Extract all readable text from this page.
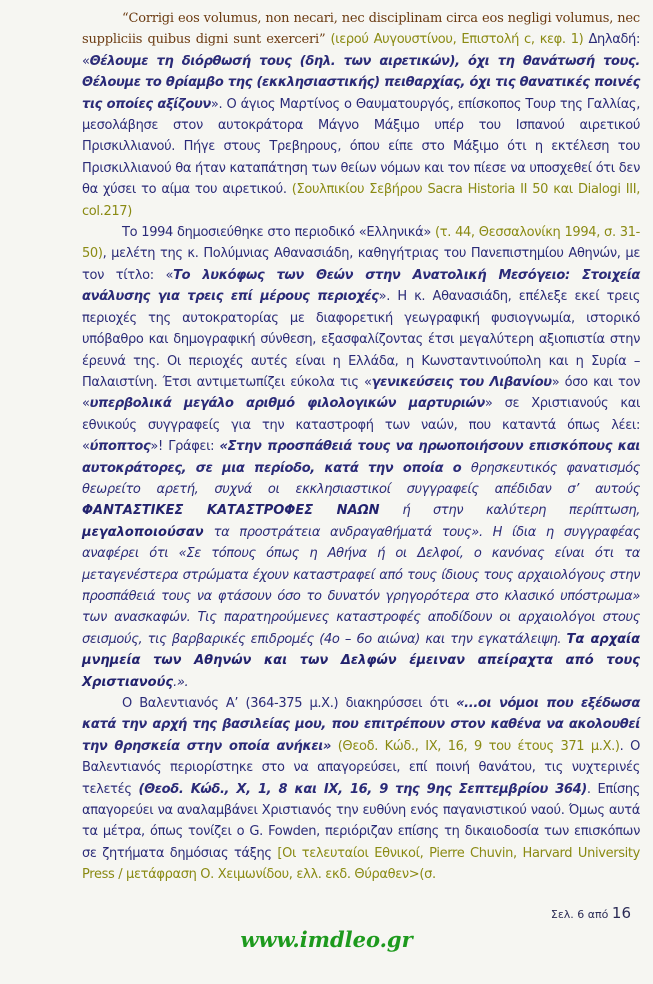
“Corrigi eos volumus, non necari, nec disciplinam circa eos negligi volumus, nec suppliciis quibus digni sunt exerceri” (ιερού Αυγουστίνου, Επιστολή c, κεφ. 1) Δηλαδή: «Θέλουμε τη διόρθωσή τους (δηλ. των αιρετικών), όχι τη θανάτωσή τους. Θέλουμε το θρίαμβο της (εκκλησιαστικής) πειθαρχίας, όχι τις θανατικές ποινές τις οποίες αξίζουν». Ο άγιος Μαρτίνος ο Θαυματουργός, επίσκοπος Τουρ της Γαλλίας, μεσολάβησε στον αυτοκράτορα Μάγνο Μάξιμο υπέρ του Ισπανού αιρετικού Πρισκιλλιανού. Πήγε στους Τρεβηρους, όπου είπε στο Μάξιμο ότι η εκτέλεση του Πρισκιλλιανού θα ήταν καταπάτηση των θείων νόμων και τον πίεσε να υποσχεθεί ότι δεν θα χύσει το αίμα του αιρετικού. (Σουλπικίου Σεβήρου Sacra Historia II 50 και Dialogi III, col.217)

Το 1994 δημοσιεύθηκε στο περιοδικό «Ελληνικά» (τ. 44, Θεσσαλονίκη 1994, σ. 31-50), μελέτη της κ. Πολύμνιας Αθανασιάδη, καθηγήτριας του Πανεπιστημίου Αθηνών, με τον τίτλο: «Το λυκόφως των Θεών στην Ανατολική Μεσόγειο: Στοιχεία ανάλυσης για τρεις επί μέρους περιοχές». Η κ. Αθανασιάδη, επέλεξε εκεί τρεις περιοχές της αυτοκρατορίας με διαφορετική γεωγραφική φυσιογνωμία, ιστορικό υπόβαθρο και δημογραφική σύνθεση, εξασφαλίζοντας έτσι μεγαλύτερη αξιοπιστία στην έρευνά της. Οι περιοχές αυτές είναι η Ελλάδα, η Κωνσταντινούπολη και η Συρία – Παλαιστίνη. Έτσι αντιμετωπίζει εύκολα τις «γενικεύσεις του Λιβανίου» όσο και τον «υπερβολικά μεγάλο αριθμό φιλολογικών μαρτυριών» σε Χριστιανούς και εθνικούς συγγραφείς για την καταστροφή των ναών, που καταντά όπως λέει: «ύποπτος»! Γράφει: «Στην προσπάθειά τους να ηρωοποιήσουν επισκόπους και αυτοκράτορες, σε μια περίοδο, κατά την οποία ο θρησκευτικός φανατισμός θεωρείτο αρετή, συχνά οι εκκλησιαστικοί συγγραφείς απέδιδαν σ’ αυτούς ΦΑΝΤΑΣΤΙΚΕΣ ΚΑΤΑΣΤΡΟΦΕΣ ΝΑΩΝ ή στην καλύτερη περίπτωση, μεγαλοποιούσαν τα προστράτεια ανδραγαθήματά τους». Η ίδια η συγγραφέας αναφέρει ότι «Σε τόπους όπως η Αθήνα ή οι Δελφοί, ο κανόνας είναι ότι τα μεταγενέστερα στρώματα έχουν καταστραφεί από τους ίδιους τους αρχαιολόγους στην προσπάθειά τους να φτάσουν όσο το δυνατόν γρηγορότερα στο κλασικό υπόστρωμα» των ανασκαφών. Τις παρατηρούμενες καταστροφές αποδίδουν οι αρχαιολόγοι στους σεισμούς, τις βαρβαρικές επιδρομές (4ο – 6ο αιώνα) και την εγκατάλειψη. Τα αρχαία μνημεία των Αθηνών και των Δελφών έμειναν απείραχτα από τους Χριστιανούς.».

Ο Βαλεντιανός Α’ (364-375 μ.Χ.) διακηρύσσει ότι «...οι νόμοι που εξέδωσα κατά την αρχή της βασιλείας μου, που επιτρέπουν στον καθένα να ακολουθεί την θρησκεία στην οποία ανήκει» (Θεοδ. Κώδ., IX, 16, 9 του έτους 371 μ.Χ.). Ο Βαλεντιανός περιορίστηκε στο να απαγορεύσει, επί ποινή θανάτου, τις νυχτερινές τελετές (Θεοδ. Κώδ., Χ, 1, 8 και IX, 16, 9 της 9ης Σεπτεμβρίου 364). Επίσης απαγορεύει να αναλαμβάνει Χριστιανός την ευθύνη ενός παγανιστικού ναού. Όμως αυτά τα μέτρα, όπως τονίζει ο G. Fowden, περιόριζαν επίσης τη δικαιοδοσία των επισκόπων σε ζητήματα δημόσιας τάξης [Οι τελευταίοι Εθνικοί, Pierre Chuvin, Harvard University Press / μετάφραση Ο. Χειμωνίδου, ελλ. εκδ. Θύραθεν>(σ.

Σελ. 6 από 16
www.imdleo.gr
